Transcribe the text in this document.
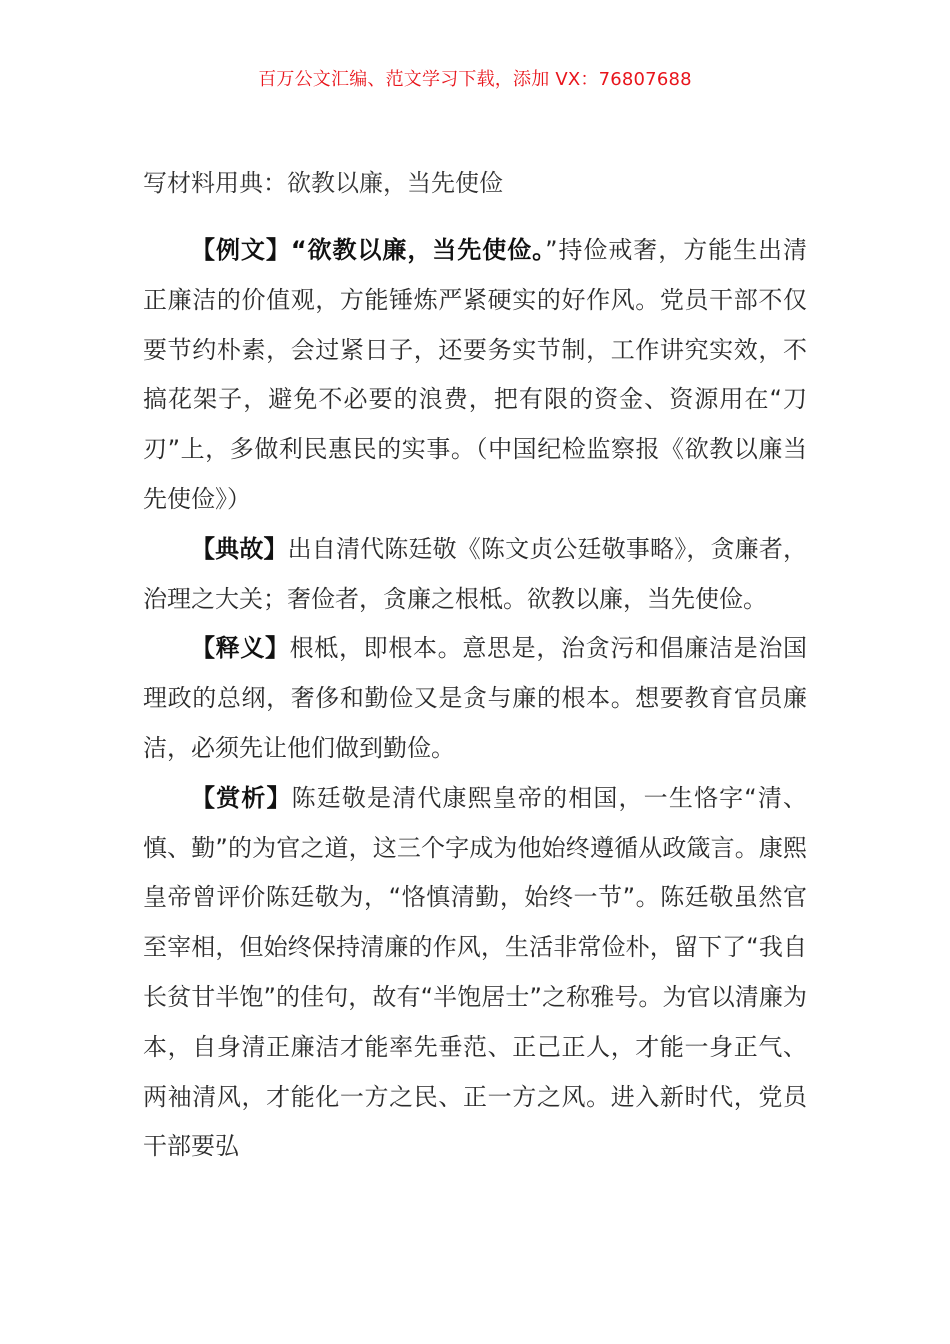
百万公文汇编、范文学习下载，添加 VX：76807688
写材料用典：欲教以廉，当先使俭

【例文】“欲教以廉，当先使俭。”持俭戒奢，方能生出清正廉洁的价值观，方能锤炼严紧硬实的好作风。党员干部不仅要节约朴素，会过紧日子，还要务实节制，工作讲究实效，不搞花架子，避免不必要的浪费，把有限的资金、资源用在“刀刃”上，多做利民惠民的实事。（中国纪检监察报《欲教以廉当先使俭》）

【典故】出自清代陈廷敬《陈文贞公廷敬事略》，贪廉者，治理之大关；奢俭者，贪廉之根柢。欲教以廉，当先使俭。

【释义】根柢，即根本。意思是，治贪污和倡廉洁是治国理政的总纲，奢侈和勤俭又是贪与廉的根本。想要教育官员廉洁，必须先让他们做到勤俭。

【赏析】陈廷敬是清代康熙皇帝的相国，一生恪字“清、慎、勤”的为官之道，这三个字成为他始终遵循从政箴言。康熙皇帝曾评价陈廷敬为，“恪慎清勤，始终一节”。陈廷敬虽然官至宰相，但始终保持清廉的作风，生活非常俭朴，留下了“我自长贫甘半饱”的佳句，故有“半饱居士”之称雅号。为官以清廉为本，自身清正廉洁才能率先垂范、正己正人，才能一身正气、两袖清风，才能化一方之民、正一方之风。进入新时代，党员干部要弘
